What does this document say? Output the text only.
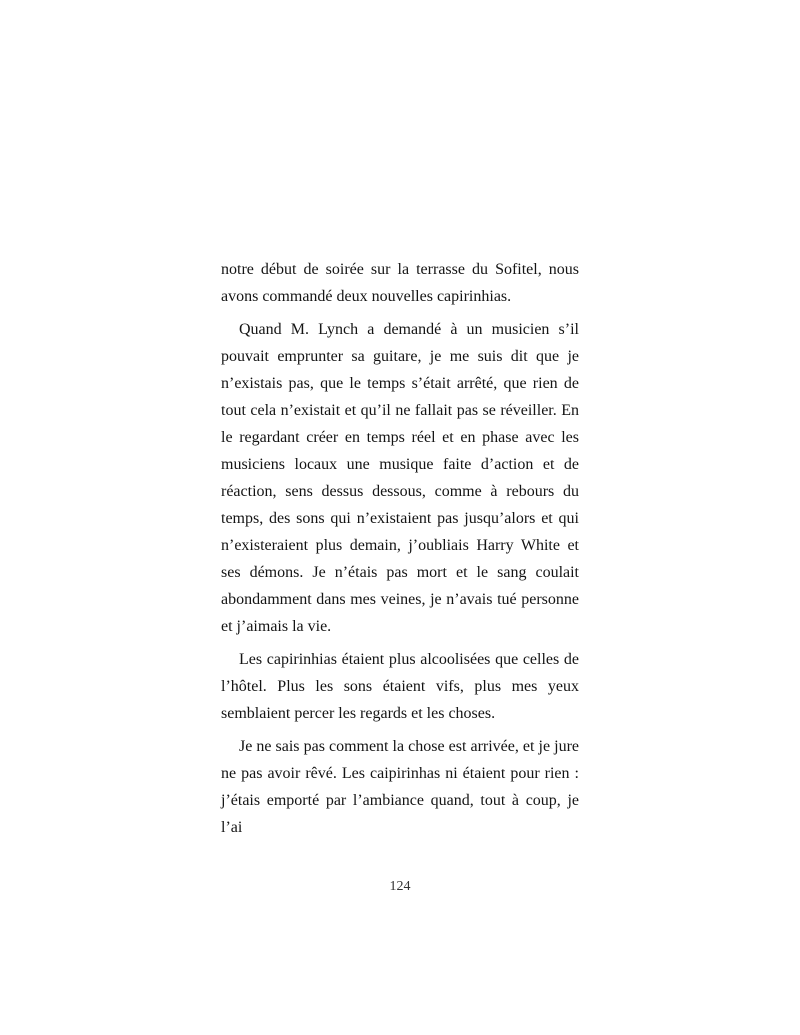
notre début de soirée sur la terrasse du Sofitel, nous avons commandé deux nouvelles capirinhias.

Quand M. Lynch a demandé à un musicien s’il pouvait emprunter sa guitare, je me suis dit que je n’existais pas, que le temps s’était arrêté, que rien de tout cela n’existait et qu’il ne fallait pas se réveiller. En le regardant créer en temps réel et en phase avec les musiciens locaux une musique faite d’action et de réaction, sens dessus dessous, comme à rebours du temps, des sons qui n’existaient pas jusqu’alors et qui n’existeraient plus demain, j’oubliais Harry White et ses démons. Je n’étais pas mort et le sang coulait abondamment dans mes veines, je n’avais tué personne et j’aimais la vie.

Les capirinhias étaient plus alcoolisées que celles de l’hôtel. Plus les sons étaient vifs, plus mes yeux semblaient percer les regards et les choses.

Je ne sais pas comment la chose est arrivée, et je jure ne pas avoir rêvé. Les caipirinhas ni étaient pour rien : j’étais emporté par l’ambiance quand, tout à coup, je l’ai

124
